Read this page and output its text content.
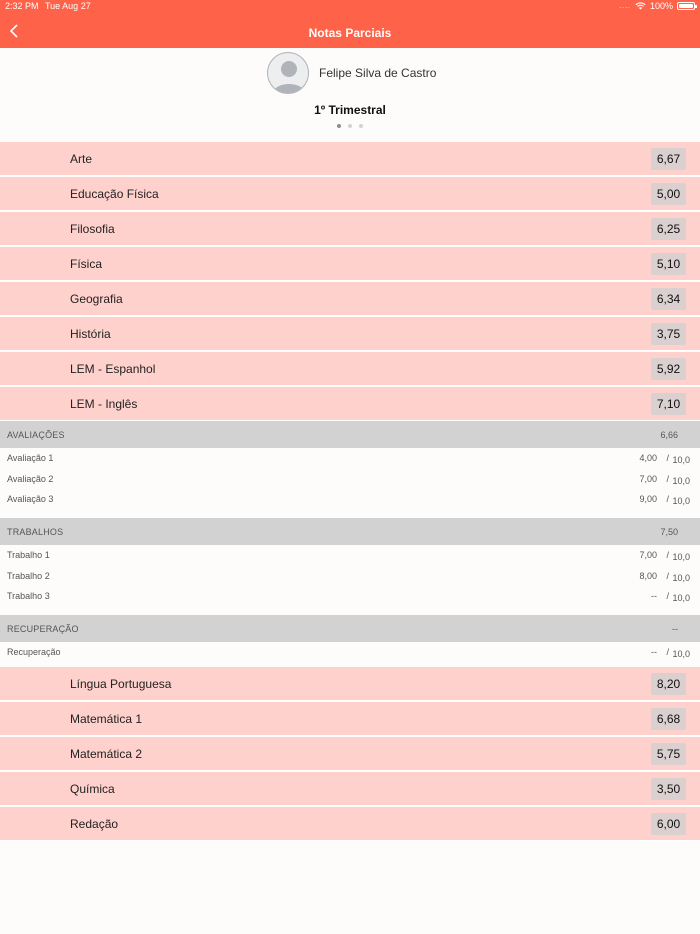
2:32 PM Tue Aug 27	.... 100%
Notas Parciais
Felipe Silva de Castro
1º Trimestral
Arte	6,67
Educação Física	5,00
Filosofia	6,25
Física	5,10
Geografia	6,34
História	3,75
LEM - Espanhol	5,92
LEM - Inglês	7,10
AVALIAÇÕES	6,66
Avaliação 1	4,00 / 10,0
Avaliação 2	7,00 / 10,0
Avaliação 3	9,00 / 10,0
TRABALHOS	7,50
Trabalho 1	7,00 / 10,0
Trabalho 2	8,00 / 10,0
Trabalho 3	-- / 10,0
RECUPERAÇÃO	--
Recuperação	-- / 10,0
Língua Portuguesa	8,20
Matemática 1	6,68
Matemática 2	5,75
Química	3,50
Redação	6,00
